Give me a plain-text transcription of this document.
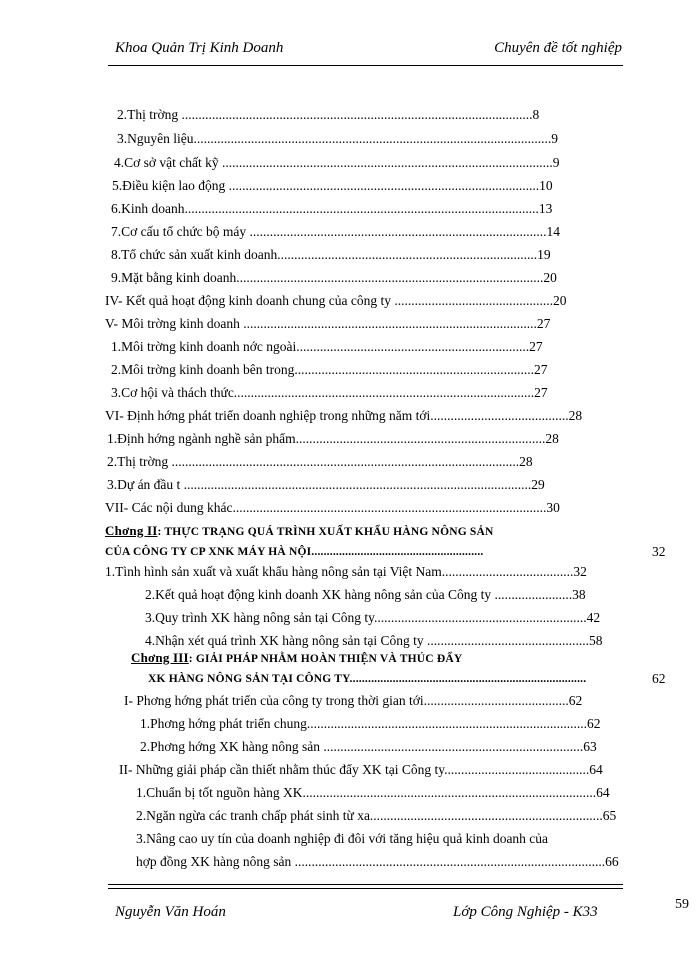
Khoa Quản Trị Kinh Doanh	Chuyên đề tốt nghiệp
2.Thị trờng ........................................................................................................8
3.Nguyên liệu..........................................................................................................9
4.Cơ sở vật chất kỹ ..................................................................................................9
5.Điều kiện lao động ............................................................................................10
6.Kinh doanh.........................................................................................................13
7.Cơ cấu tổ chức bộ máy ........................................................................................14
8.Tổ chức sản xuất kinh doanh.............................................................................19
9.Mặt bằng kinh doanh...........................................................................................20
IV- Kết quả hoạt động kinh doanh chung của công ty ...............................................20
V- Môi trờng kinh doanh .......................................................................................27
1.Môi trờng kinh doanh nớc ngoài.....................................................................27
2.Môi trờng kinh doanh bên trong.......................................................................27
3.Cơ hội và thách thức.........................................................................................27
VI- Định hớng phát triển doanh nghiệp trong những năm tới.........................................28
1.Định hớng ngành nghề sản phẩm..........................................................................28
2.Thị trờng .......................................................................................................28
3.Dự án đầu t .......................................................................................................29
VII- Các nội dung khác.............................................................................................30
Chơng II: THỰC TRẠNG QUÁ TRÌNH XUẤT KHẨU HÀNG NÔNG SẢN
CỦA CÔNG TY CP XNK MÁY HÀ NỘI........................................................	32
1.Tình hình sản xuất và xuất khẩu hàng nông sản tại Việt Nam.......................................32
2.Kết quả hoạt động kinh doanh XK hàng nông sản của Công ty .......................38
3.Quy trình XK hàng nông sản tại Công ty...............................................................42
4.Nhận xét quá trình XK hàng nông sản tại Công ty ................................................58
Chơng III: GIẢI PHÁP NHẰM HOÀN THIỆN VÀ THÚC ĐẨY
XK HÀNG NÔNG SẢN TẠI CÔNG TY.............................................................................	62
I- Phơng hớng phát triển của công ty trong thời gian tới...........................................62
1.Phơng hớng phát triển chung...................................................................................62
2.Phơng hớng XK hàng nông sản .............................................................................63
II- Những giải pháp cần thiết nhằm thúc đẩy XK tại Công ty...........................................64
1.Chuẩn bị tốt nguồn hàng XK.......................................................................................64
2.Ngăn ngừa các tranh chấp phát sinh từ xa.....................................................................65
3.Nâng cao uy tín của doanh nghiệp đi đôi với tăng hiệu quả kinh doanh của
hợp đồng XK hàng nông sản ............................................................................................66
Nguyễn Văn Hoán	Lớp Công Nghiệp - K33	59
